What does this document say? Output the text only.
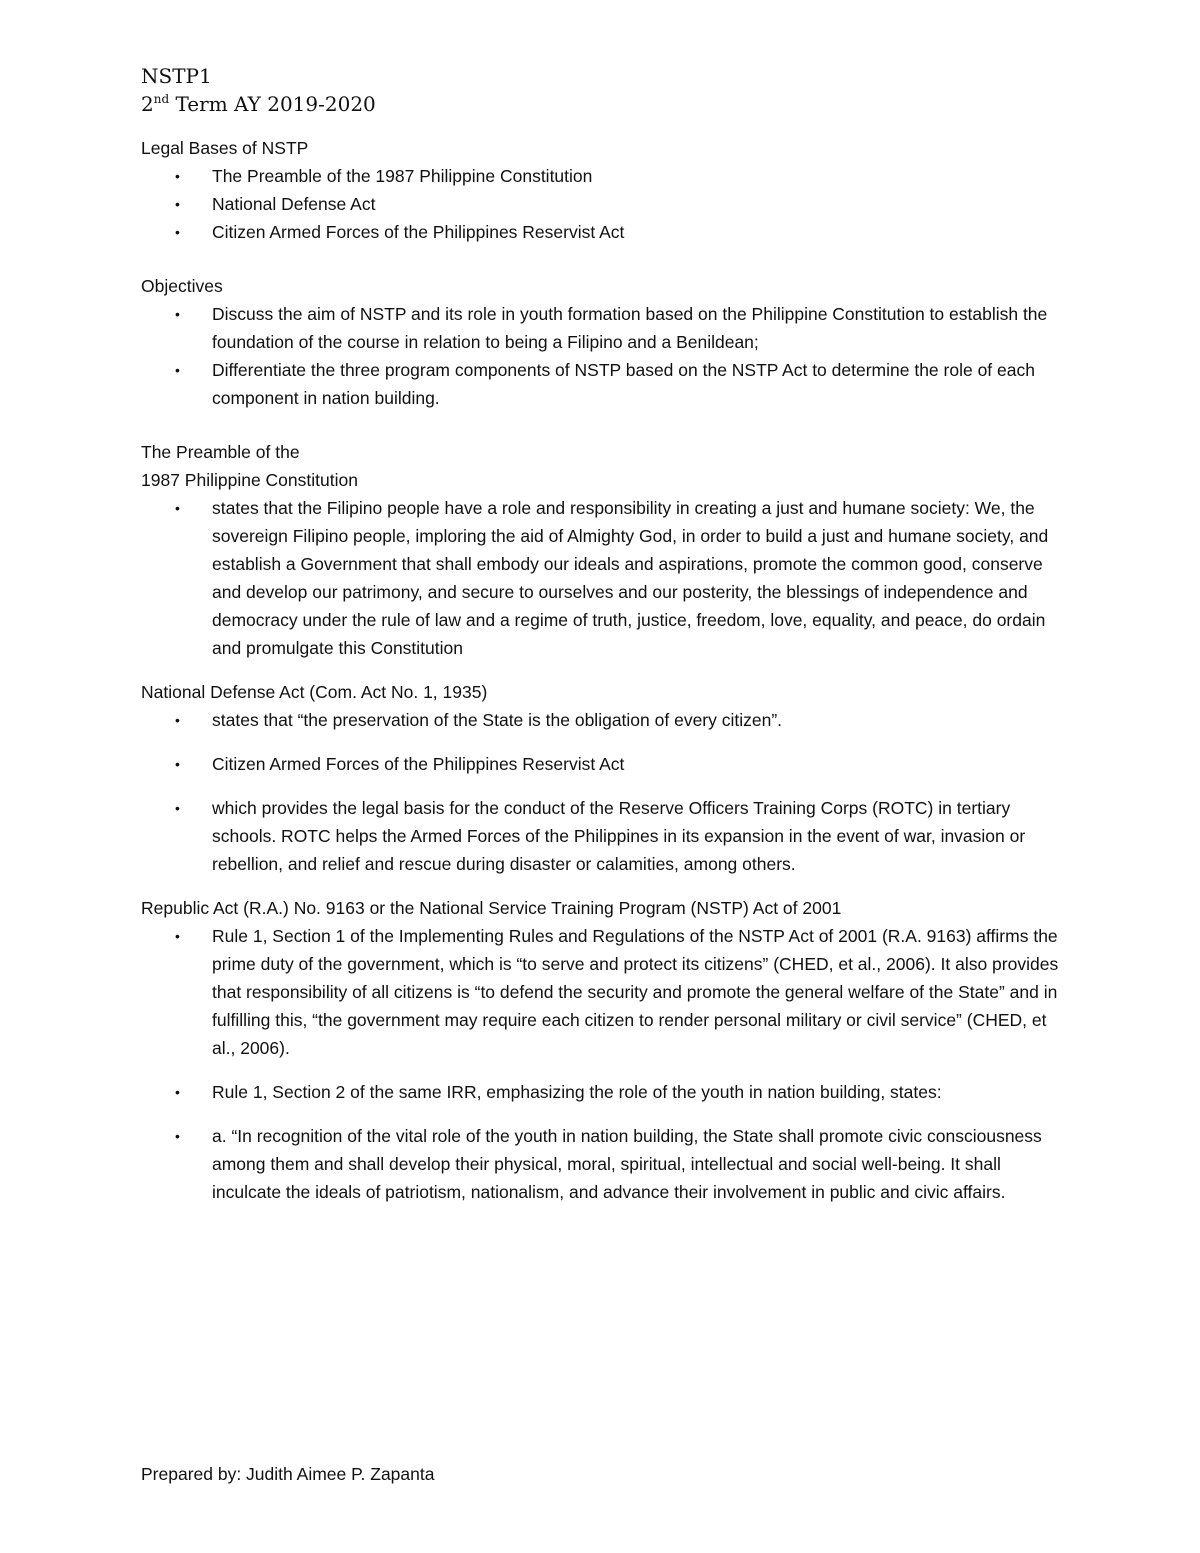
NSTP1
2nd Term AY 2019-2020

Legal Bases of NSTP

• The Preamble of the 1987 Philippine Constitution
• National Defense Act
• Citizen Armed Forces of the Philippines Reservist Act

Objectives

• Discuss the aim of NSTP and its role in youth formation based on the Philippine Constitution to establish the foundation of the course in relation to being a Filipino and a Benildean;
• Differentiate the three program components of NSTP based on the NSTP Act to determine the role of each component in nation building.

The Preamble of the

1987 Philippine Constitution

• states that the Filipino people have a role and responsibility in creating a just and humane society: We, the sovereign Filipino people, imploring the aid of Almighty God, in order to build a just and humane society, and establish a Government that shall embody our ideals and aspirations, promote the common good, conserve and develop our patrimony, and secure to ourselves and our posterity, the blessings of independence and democracy under the rule of law and a regime of truth, justice, freedom, love, equality, and peace, do ordain and promulgate this Constitution

National Defense Act (Com. Act No. 1, 1935)

• states that “the preservation of the State is the obligation of every citizen”.
• Citizen Armed Forces of the Philippines Reservist Act
• which provides the legal basis for the conduct of the Reserve Officers Training Corps (ROTC) in tertiary schools. ROTC helps the Armed Forces of the Philippines in its expansion in the event of war, invasion or rebellion, and relief and rescue during disaster or calamities, among others.

Republic Act (R.A.) No. 9163 or the National Service Training Program (NSTP) Act of 2001

• Rule 1, Section 1 of the Implementing Rules and Regulations of the NSTP Act of 2001 (R.A. 9163) affirms the prime duty of the government, which is “to serve and protect its citizens” (CHED, et al., 2006). It also provides that responsibility of all citizens is “to defend the security and promote the general welfare of the State” and in fulfilling this, “the government may require each citizen to render personal military or civil service” (CHED, et al., 2006).
• Rule 1, Section 2 of the same IRR, emphasizing the role of the youth in nation building, states:
• a. “In recognition of the vital role of the youth in nation building, the State shall promote civic consciousness among them and shall develop their physical, moral, spiritual, intellectual and social well-being. It shall inculcate the ideals of patriotism, nationalism, and advance their involvement in public and civic affairs.
Prepared by: Judith Aimee P. Zapanta
